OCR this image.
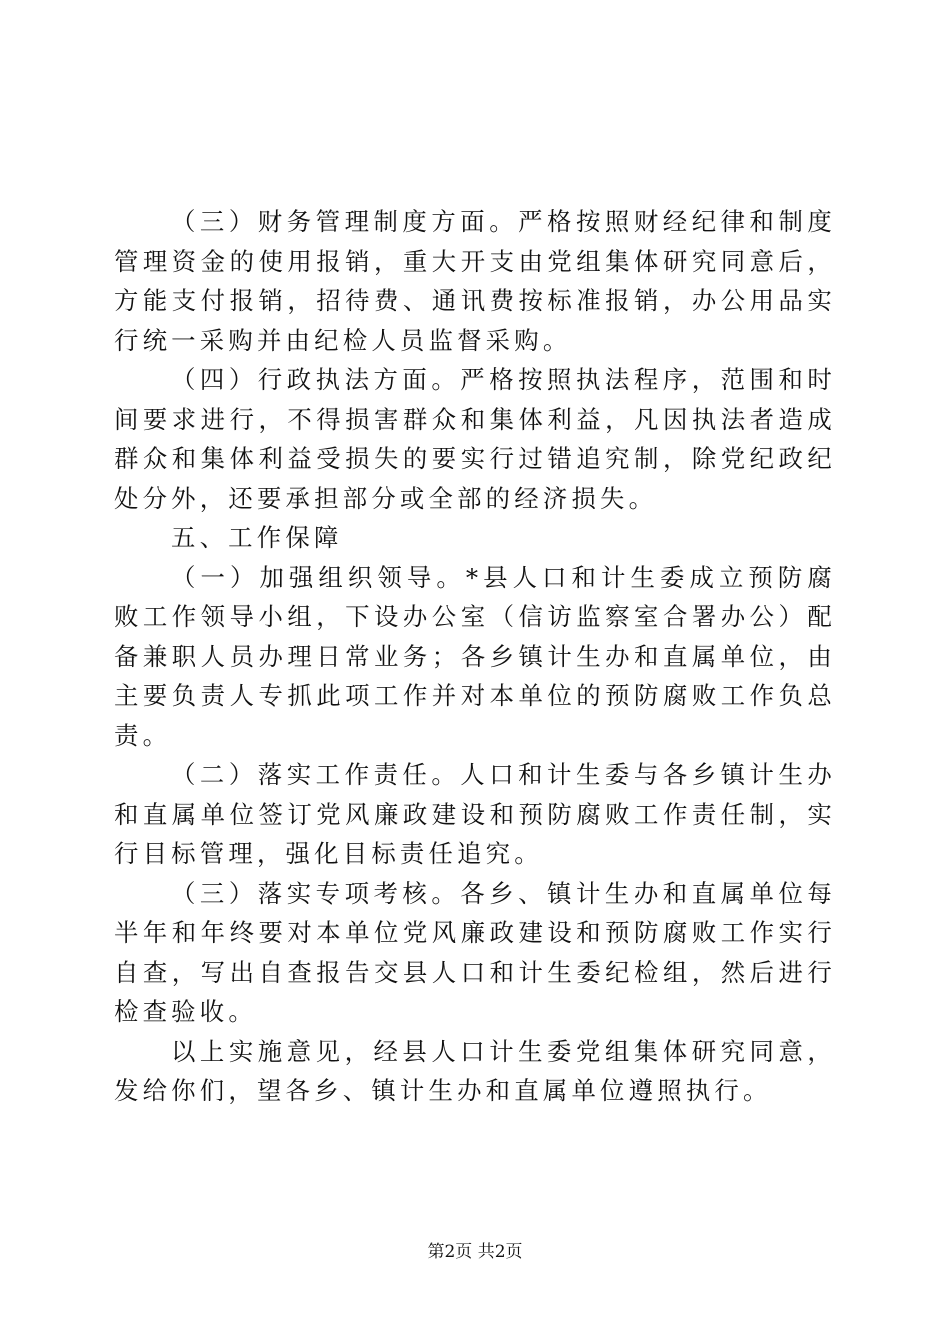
（三）财务管理制度方面。严格按照财经纪律和制度管理资金的使用报销，重大开支由党组集体研究同意后，方能支付报销，招待费、通讯费按标准报销，办公用品实行统一采购并由纪检人员监督采购。

（四）行政执法方面。严格按照执法程序，范围和时间要求进行，不得损害群众和集体利益，凡因执法者造成群众和集体利益受损失的要实行过错追究制，除党纪政纪处分外，还要承担部分或全部的经济损失。

五、工作保障

（一）加强组织领导。*县人口和计生委成立预防腐败工作领导小组，下设办公室（信访监察室合署办公）配备兼职人员办理日常业务；各乡镇计生办和直属单位，由主要负责人专抓此项工作并对本单位的预防腐败工作负总责。

（二）落实工作责任。人口和计生委与各乡镇计生办和直属单位签订党风廉政建设和预防腐败工作责任制，实行目标管理，强化目标责任追究。

（三）落实专项考核。各乡、镇计生办和直属单位每半年和年终要对本单位党风廉政建设和预防腐败工作实行自查，写出自查报告交县人口和计生委纪检组，然后进行检查验收。

以上实施意见，经县人口计生委党组集体研究同意，发给你们，望各乡、镇计生办和直属单位遵照执行。

第2页 共2页
